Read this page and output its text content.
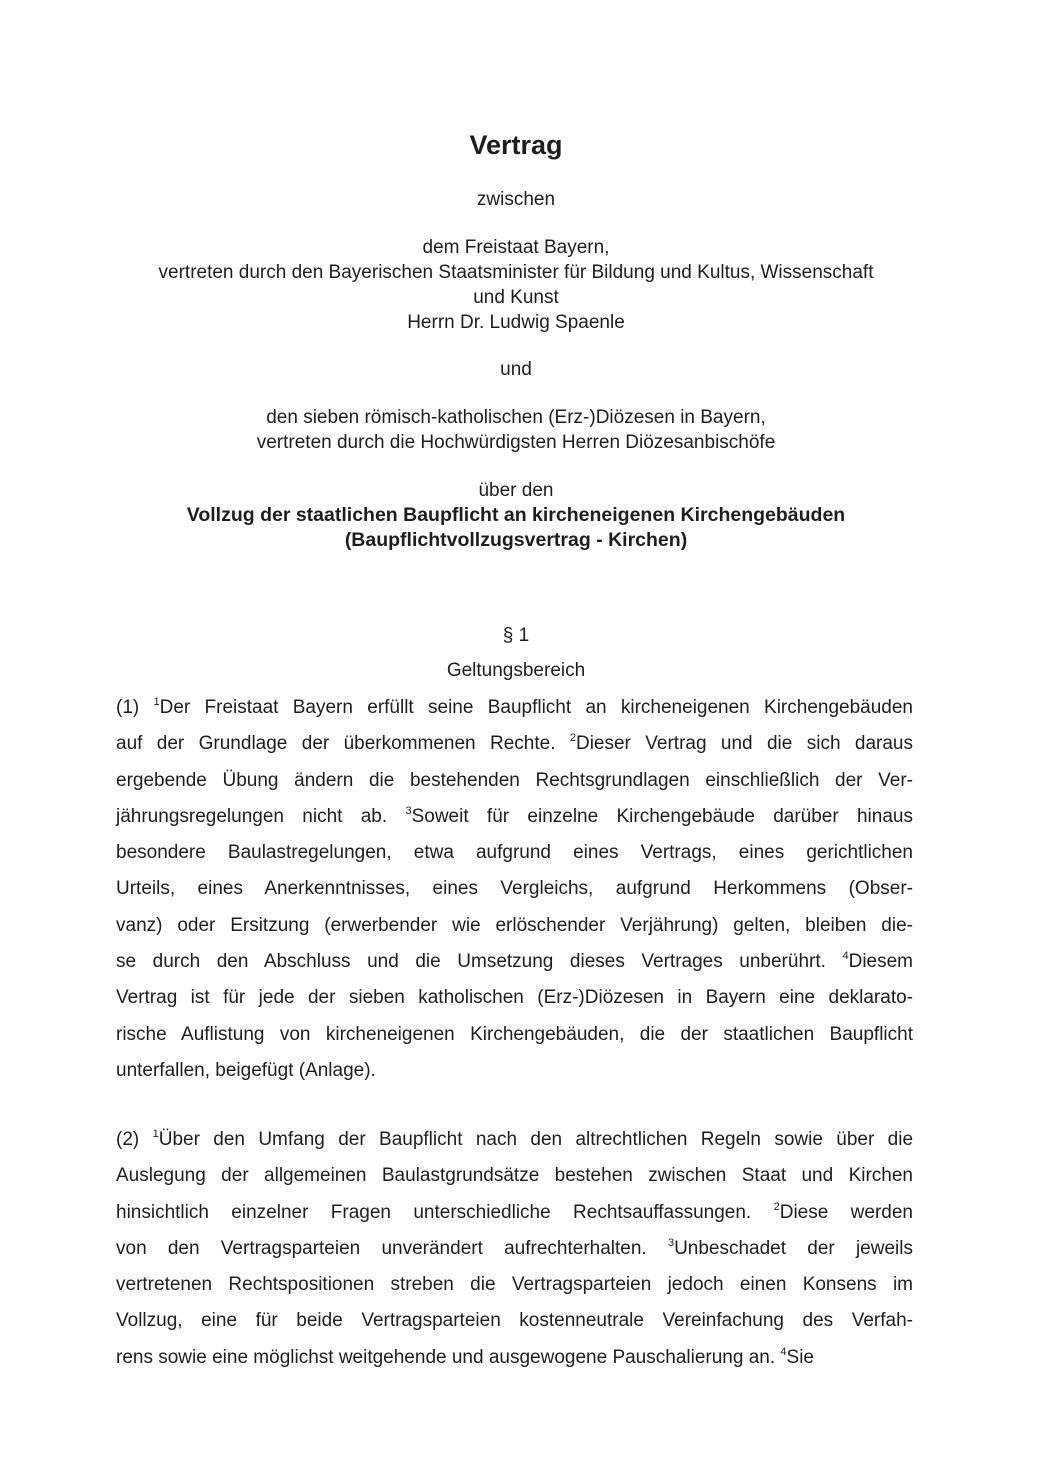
Vertrag

zwischen

dem Freistaat Bayern,

vertreten durch den Bayerischen Staatsminister für Bildung und Kultus, Wissenschaft

und Kunst

Herrn Dr. Ludwig Spaenle

und

den sieben römisch-katholischen (Erz-)Diözesen in Bayern,

vertreten durch die Hochwürdigsten Herren Diözesanbischöfe

über den

Vollzug der staatlichen Baupflicht an kircheneigenen Kirchengebäuden

(Baupflichtvollzugsvertrag - Kirchen)

§ 1

Geltungsbereich

(1) $^1$Der Freistaat Bayern erfüllt seine Baupflicht an kircheneigenen Kirchengebäuden
auf der Grundlage der überkommenen Rechte. $^2$Dieser Vertrag und die sich daraus
ergebende Übung ändern die bestehenden Rechtsgrundlagen einschließlich der Ver-
jährungsregelungen nicht ab. $^3$Soweit für einzelne Kirchengebäude darüber hinaus
besondere Baulastregelungen, etwa aufgrund eines Vertrags, eines gerichtlichen
Urteils, eines Anerkenntnisses, eines Vergleichs, aufgrund Herkommens (Obser-
vanz) oder Ersitzung (erwerbender wie erlöschender Verjährung) gelten, bleiben die-
se durch den Abschluss und die Umsetzung dieses Vertrages unberührt. $^4$Diesem
Vertrag ist für jede der sieben katholischen (Erz-)Diözesen in Bayern eine deklarato-
rische Auflistung von kircheneigenen Kirchengebäuden, die der staatlichen Baupflicht
unterfallen, beigefügt (Anlage).
(2) $^1$Über den Umfang der Baupflicht nach den altrechtlichen Regeln sowie über die
Auslegung der allgemeinen Baulastgrundsätze bestehen zwischen Staat und Kirchen
hinsichtlich einzelner Fragen unterschiedliche Rechtsauffassungen. $^2$Diese werden
von den Vertragsparteien unverändert aufrechterhalten. $^3$Unbeschadet der jeweils
vertretenen Rechtspositionen streben die Vertragsparteien jedoch einen Konsens im
Vollzug, eine für beide Vertragsparteien kostenneutrale Vereinfachung des Verfah-
rens sowie eine möglichst weitgehende und ausgewogene Pauschalierung an. $^4$Sie
